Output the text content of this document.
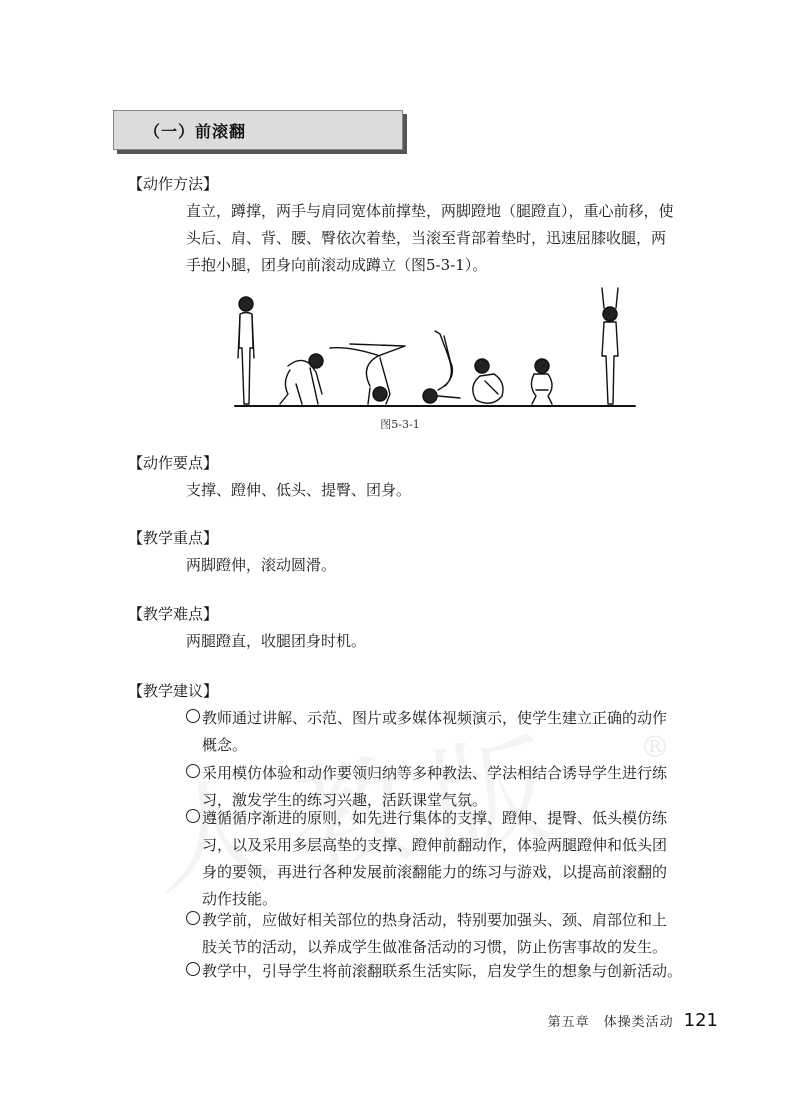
®
（一）前滚翻
【动作方法】
直立，蹲撑，两手与肩同宽体前撑垫，两脚蹬地（腿蹬直），重心前移，使
头后、肩、背、腰、臀依次着垫，当滚至背部着垫时，迅速屈膝收腿，两
手抱小腿，团身向前滚动成蹲立（图5-3-1）。
图5-3-1
【动作要点】
支撑、蹬伸、低头、提臀、团身。
【教学重点】
两脚蹬伸，滚动圆滑。
【教学难点】
两腿蹬直，收腿团身时机。
【教学建议】
教师通过讲解、示范、图片或多媒体视频演示，使学生建立正确的动作
概念。
采用模仿体验和动作要领归纳等多种教法、学法相结合诱导学生进行练
习，激发学生的练习兴趣，活跃课堂气氛。
遵循循序渐进的原则，如先进行集体的支撑、蹬伸、提臀、低头模仿练
习，以及采用多层高垫的支撑、蹬伸前翻动作，体验两腿蹬伸和低头团
身的要领，再进行各种发展前滚翻能力的练习与游戏，以提高前滚翻的
动作技能。
教学前，应做好相关部位的热身活动，特别要加强头、颈、肩部位和上
肢关节的活动，以养成学生做准备活动的习惯，防止伤害事故的发生。
教学中，引导学生将前滚翻联系生活实际，启发学生的想象与创新活动。
第五章　体操类活动 121
